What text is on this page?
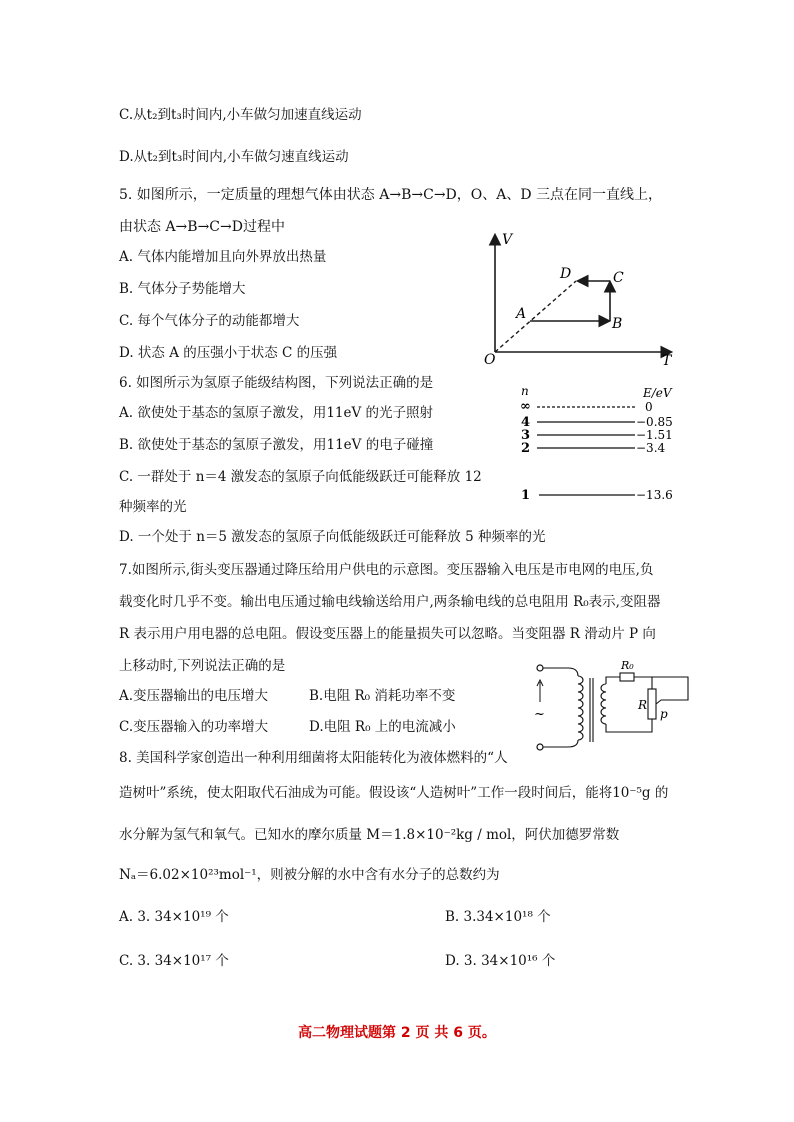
C.从t₂到t₃时间内,小车做匀加速直线运动
D.从t₂到t₃时间内,小车做匀速直线运动
5. 如图所示，一定质量的理想气体由状态 A→B→C→D，O、A、D 三点在同一直线上，
由状态 A→B→C→D过程中
A. 气体内能增加且向外界放出热量
B. 气体分子势能增大
C. 每个气体分子的动能都增大
D. 状态 A 的压强小于状态 C 的压强
V
T
O
A
B
C
D
6. 如图所示为氢原子能级结构图，下列说法正确的是
A. 欲使处于基态的氢原子激发，用11eV 的光子照射
B. 欲使处于基态的氢原子激发，用11eV 的电子碰撞
C. 一群处于 n＝4 激发态的氢原子向低能级跃迁可能释放 12
种频率的光
D. 一个处于 n＝5 激发态的氢原子向低能级跃迁可能释放 5 种频率的光
n	E/eV
∞	0
4	−0.85
3	−1.51
2	−3.4
1	−13.6
7.如图所示,街头变压器通过降压给用户供电的示意图。变压器输入电压是市电网的电压,负
载变化时几乎不变。输出电压通过输电线输送给用户,两条输电线的总电阻用 R₀表示,变阻器
R 表示用户用电器的总电阻。假设变压器上的能量损失可以忽略。当变阻器 R 滑动片 P 向
上移动时,下列说法正确的是
A.变压器输出的电压增大	B.电阻 R₀ 消耗功率不变
C.变压器输入的功率增大	D.电阻 R₀ 上的电流减小
~
R₀
R
p
8. 美国科学家创造出一种利用细菌将太阳能转化为液体燃料的“人
造树叶”系统，使太阳取代石油成为可能。假设该“人造树叶”工作一段时间后，能将10⁻⁵g 的
水分解为氢气和氧气。已知水的摩尔质量 M＝1.8×10⁻²kg / mol，阿伏加德罗常数
Nₐ＝6.02×10²³mol⁻¹，则被分解的水中含有水分子的总数约为
A. 3. 34×10¹⁹ 个	B. 3.34×10¹⁸ 个
C. 3. 34×10¹⁷ 个	D. 3. 34×10¹⁶ 个
高二物理试题第 2 页 共 6 页。
